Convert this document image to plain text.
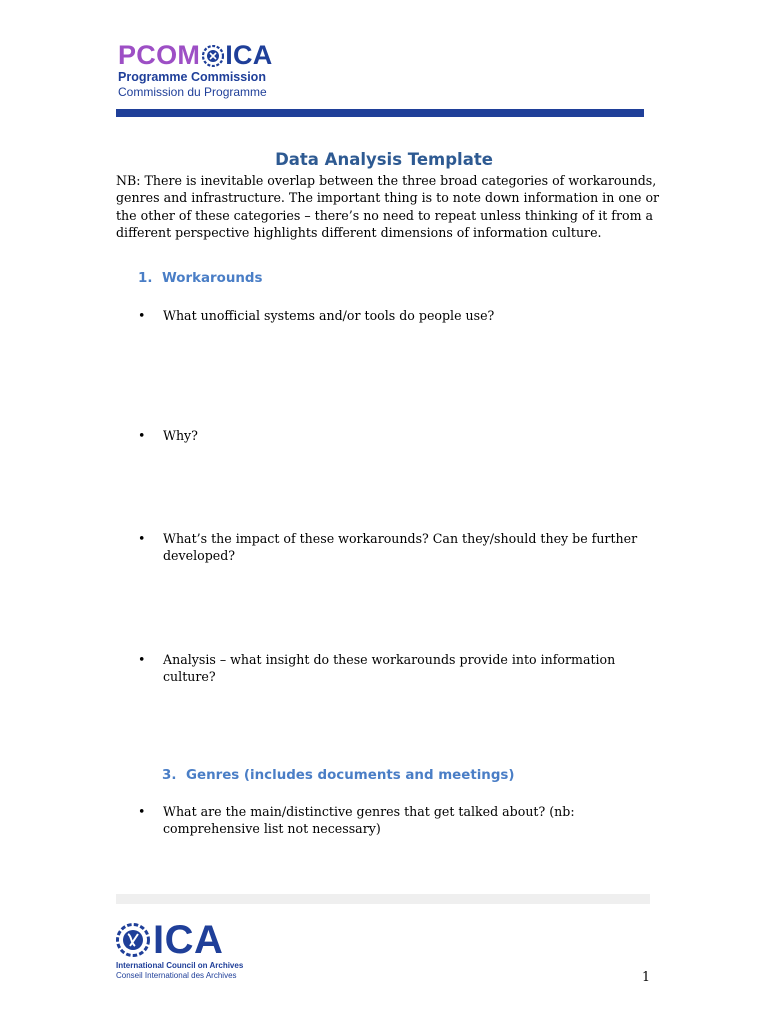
PCOM ICA
Programme Commission
Commission du Programme
Data Analysis Template

NB: There is inevitable overlap between the three broad categories of workarounds, genres and infrastructure. The important thing is to note down information in one or the other of these categories – there’s no need to repeat unless thinking of it from a different perspective highlights different dimensions of information culture.

1. Workarounds
•	What unofficial systems and/or tools do people use?
•	Why?
•	What’s the impact of these workarounds? Can they/should they be further developed?
•	Analysis – what insight do these workarounds provide into information culture?
3. Genres (includes documents and meetings)
•	What are the main/distinctive genres that get talked about? (nb: comprehensive list not necessary)
ICA
International Council on Archives
Conseil International des Archives	1
